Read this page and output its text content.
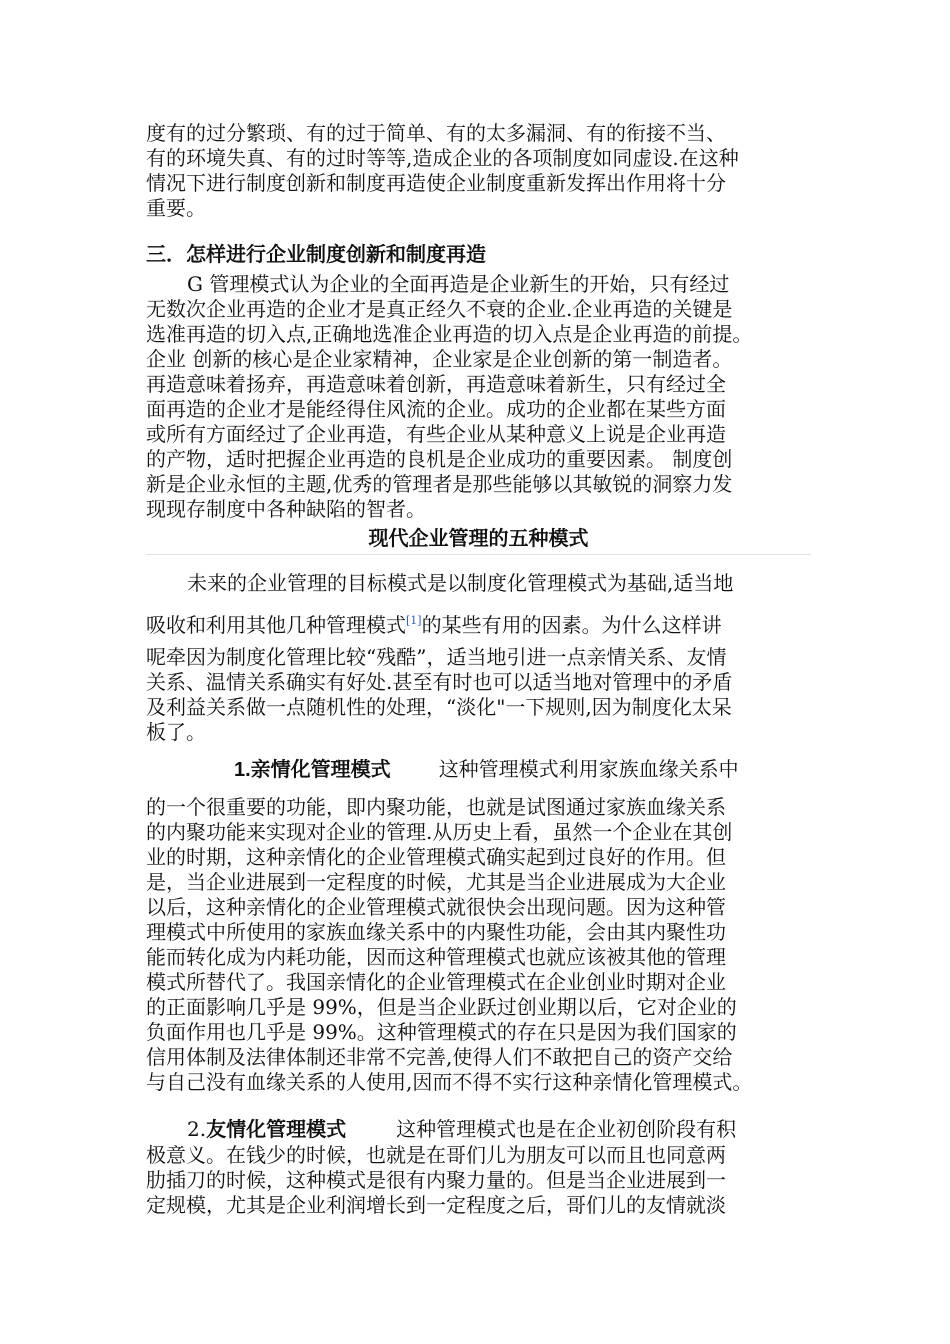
度有的过分繁琐、有的过于简单、有的太多漏洞、有的衔接不当、
有的环境失真、有的过时等等,造成企业的各项制度如同虚设.在这种
情况下进行制度创新和制度再造使企业制度重新发挥出作用将十分
重要。
三．怎样进行企业制度创新和制度再造
G 管理模式认为企业的全面再造是企业新生的开始，只有经过
无数次企业再造的企业才是真正经久不衰的企业.企业再造的关键是
选准再造的切入点,正确地选准企业再造的切入点是企业再造的前提。
企业 创新的核心是企业家精神，企业家是企业创新的第一制造者。
再造意味着扬弃，再造意味着创新，再造意味着新生，只有经过全
面再造的企业才是能经得住风流的企业。成功的企业都在某些方面
或所有方面经过了企业再造，有些企业从某种意义上说是企业再造
的产物，适时把握企业再造的良机是企业成功的重要因素。 制度创
新是企业永恒的主题,优秀的管理者是那些能够以其敏锐的洞察力发
现现存制度中各种缺陷的智者。
现代企业管理的五种模式
未来的企业管理的目标模式是以制度化管理模式为基础,适当地
吸收和利用其他几种管理模式[1]的某些有用的因素。为什么这样讲
呢牵因为制度化管理比较“残酷”，适当地引进一点亲情关系、友情
关系、温情关系确实有好处.甚至有时也可以适当地对管理中的矛盾
及利益关系做一点随机性的处理，“淡化"一下规则,因为制度化太呆
板了。
1.亲情化管理模式 这种管理模式利用家族血缘关系中
的一个很重要的功能，即内聚功能，也就是试图通过家族血缘关系
的内聚功能来实现对企业的管理.从历史上看，虽然一个企业在其创
业的时期，这种亲情化的企业管理模式确实起到过良好的作用。但
是，当企业进展到一定程度的时候，尤其是当企业进展成为大企业
以后，这种亲情化的企业管理模式就很快会出现问题。因为这种管
理模式中所使用的家族血缘关系中的内聚性功能，会由其内聚性功
能而转化成为内耗功能，因而这种管理模式也就应该被其他的管理
模式所替代了。我国亲情化的企业管理模式在企业创业时期对企业
的正面影响几乎是 99%，但是当企业跃过创业期以后，它对企业的
负面作用也几乎是 99%。这种管理模式的存在只是因为我们国家的
信用体制及法律体制还非常不完善,使得人们不敢把自己的资产交给
与自己没有血缘关系的人使用,因而不得不实行这种亲情化管理模式。
2.友情化管理模式	这种管理模式也是在企业初创阶段有积
极意义。在钱少的时候，也就是在哥们儿为朋友可以而且也同意两
肋插刀的时候，这种模式是很有内聚力量的。但是当企业进展到一
定规模，尤其是企业利润增长到一定程度之后，哥们儿的友情就淡
